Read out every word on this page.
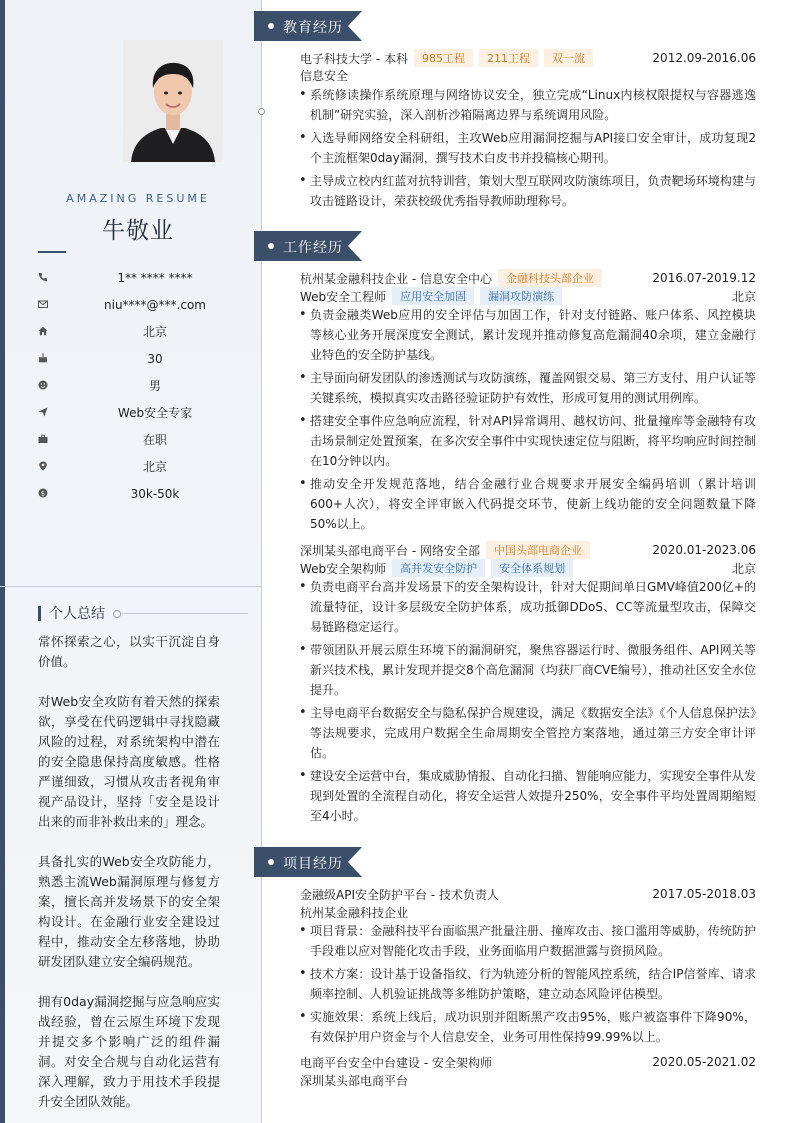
AMAZING RESUME
牛敬业
1** **** ****
niu****@***.com
北京
30
男
Web安全专家
在职
北京
$	30k-50k
个人总结

常怀探索之心，以实干沉淀自身价值。

对Web安全攻防有着天然的探索欲，享受在代码逻辑中寻找隐藏风险的过程，对系统架构中潜在的安全隐患保持高度敏感。性格严谨细致，习惯从攻击者视角审视产品设计，坚持「安全是设计出来的而非补救出来的」理念。

具备扎实的Web安全攻防能力，熟悉主流Web漏洞原理与修复方案，擅长高并发场景下的安全架构设计。在金融行业安全建设过程中，推动安全左移落地，协助研发团队建立安全编码规范。

拥有0day漏洞挖掘与应急响应实战经验，曾在云原生环境下发现并提交多个影响广泛的组件漏洞。对安全合规与自动化运营有深入理解，致力于用技术手段提升安全团队效能。

教育经历
电子科技大学 - 本科	985工程	211工程	双一流	2012.09-2016.06
信息安全
• 系统修读操作系统原理与网络协议安全，独立完成“Linux内核权限提权与容器逃逸机制”研究实验，深入剖析沙箱隔离边界与系统调用风险。
• 入选导师网络安全科研组，主攻Web应用漏洞挖掘与API接口安全审计，成功复现2个主流框架0day漏洞，撰写技术白皮书并投稿核心期刊。
• 主导成立校内红蓝对抗特训营，策划大型互联网攻防演练项目，负责靶场环境构建与攻击链路设计，荣获校级优秀指导教师助理称号。
工作经历
杭州某金融科技企业 - 信息安全中心	金融科技头部企业	2016.07-2019.12
Web安全工程师	应用安全加固	漏洞攻防演练	北京
• 负责金融类Web应用的安全评估与加固工作，针对支付链路、账户体系、风控模块等核心业务开展深度安全测试，累计发现并推动修复高危漏洞40余项，建立金融行业特色的安全防护基线。
• 主导面向研发团队的渗透测试与攻防演练，覆盖网银交易、第三方支付、用户认证等关键系统，模拟真实攻击路径验证防护有效性，形成可复用的测试用例库。
• 搭建安全事件应急响应流程，针对API异常调用、越权访问、批量撞库等金融特有攻击场景制定处置预案，在多次安全事件中实现快速定位与阻断，将平均响应时间控制在10分钟以内。
• 推动安全开发规范落地，结合金融行业合规要求开展安全编码培训（累计培训600+人次），将安全评审嵌入代码提交环节，使新上线功能的安全问题数量下降50%以上。
深圳某头部电商平台 - 网络安全部	中国头部电商企业	2020.01-2023.06
Web安全架构师	高并发安全防护	安全体系规划	北京
• 负责电商平台高并发场景下的安全架构设计，针对大促期间单日GMV峰值200亿+的流量特征，设计多层级安全防护体系，成功抵御DDoS、CC等流量型攻击，保障交易链路稳定运行。
• 带领团队开展云原生环境下的漏洞研究，聚焦容器运行时、微服务组件、API网关等新兴技术栈，累计发现并提交8个高危漏洞（均获厂商CVE编号），推动社区安全水位提升。
• 主导电商平台数据安全与隐私保护合规建设，满足《数据安全法》《个人信息保护法》等法规要求，完成用户数据全生命周期安全管控方案落地，通过第三方安全审计评估。
• 建设安全运营中台，集成威胁情报、自动化扫描、智能响应能力，实现安全事件从发现到处置的全流程自动化，将安全运营人效提升250%，安全事件平均处置周期缩短至4小时。
项目经历
金融级API安全防护平台 - 技术负责人	2017.05-2018.03
杭州某金融科技企业
• 项目背景：金融科技平台面临黑产批量注册、撞库攻击、接口滥用等威胁，传统防护手段难以应对智能化攻击手段，业务面临用户数据泄露与资损风险。
• 技术方案：设计基于设备指纹、行为轨迹分析的智能风控系统，结合IP信誉库、请求频率控制、人机验证挑战等多维防护策略，建立动态风险评估模型。
• 实施效果：系统上线后，成功识别并阻断黑产攻击95%，账户被盗事件下降90%，有效保护用户资金与个人信息安全，业务可用性保持99.99%以上。
电商平台安全中台建设 - 安全架构师	2020.05-2021.02
深圳某头部电商平台
